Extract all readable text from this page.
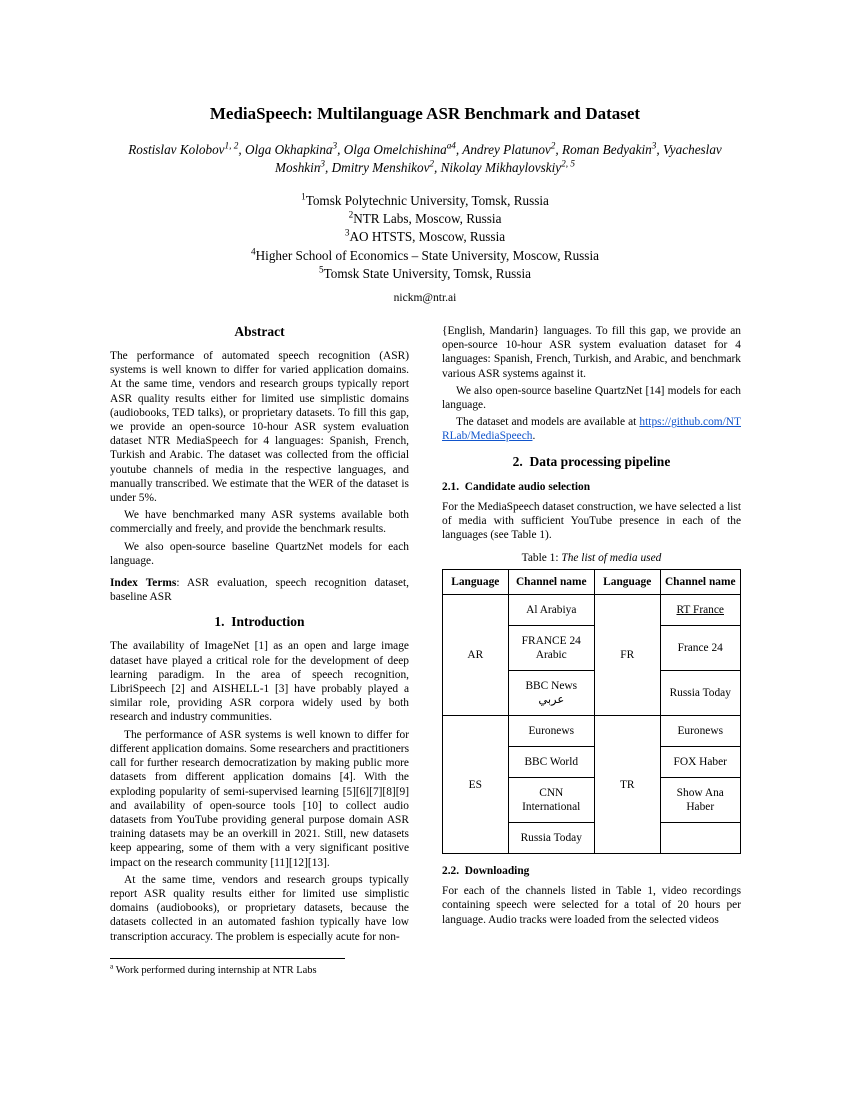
MediaSpeech: Multilanguage ASR Benchmark and Dataset

Rostislav Kolobov$^{1, 2}$, Olga Okhapkina$^3$, Olga Omelchishina$^{a4}$, Andrey Platunov$^2$, Roman Bedyakin$^3$, Vyacheslav Moshkin$^3$, Dmitry Menshikov$^2$, Nikolay Mikhaylovskiy$^{2, 5}$

$^1$Tomsk Polytechnic University, Tomsk, Russia
$^2$NTR Labs, Moscow, Russia
$^3$AO HTSTS, Moscow, Russia
$^4$Higher School of Economics – State University, Moscow, Russia
$^5$Tomsk State University, Tomsk, Russia

nickm@ntr.ai

Abstract

The performance of automated speech recognition (ASR) systems is well known to differ for varied application domains. At the same time, vendors and research groups typically report ASR quality results either for limited use simplistic domains (audiobooks, TED talks), or proprietary datasets. To fill this gap, we provide an open-source 10-hour ASR system evaluation dataset NTR MediaSpeech for 4 languages: Spanish, French, Turkish and Arabic. The dataset was collected from the official youtube channels of media in the respective languages, and manually transcribed. We estimate that the WER of the dataset is under 5%.

We have benchmarked many ASR systems available both commercially and freely, and provide the benchmark results.

We also open-source baseline QuartzNet models for each language.

Index Terms: ASR evaluation, speech recognition dataset, baseline ASR

1.  Introduction

The availability of ImageNet [1] as an open and large image dataset have played a critical role for the development of deep learning paradigm. In the area of speech recognition, LibriSpeech [2] and AISHELL-1 [3] have probably played a similar role, providing ASR corpora widely used by both research and industry communities.

The performance of ASR systems is well known to differ for different application domains. Some researchers and practitioners call for further research democratization by making public more datasets from different application domains [4]. With the exploding popularity of semi-supervised learning [5][6][7][8][9] and availability of open-source tools [10] to collect audio datasets from YouTube providing general purpose domain ASR training datasets may be an overkill in 2021. Still, new datasets keep appearing, some of them with a very significant positive impact on the research community [11][12][13].

At the same time, vendors and research groups typically report ASR quality results either for limited use simplistic domains (audiobooks), or proprietary datasets, because the datasets collected in an automated fashion typically have low transcription accuracy. The problem is especially acute for non-

$^a$ Work performed during internship at NTR Labs

{English, Mandarin} languages. To fill this gap, we provide an open-source 10-hour ASR system evaluation dataset for 4 languages: Spanish, French, Turkish, and Arabic, and benchmark various ASR systems against it.

We also open-source baseline QuartzNet [14] models for each language.

The dataset and models are available at https://github.com/NTRLab/MediaSpeech.

2.  Data processing pipeline
2.1.  Candidate audio selection

For the MediaSpeech dataset construction, we have selected a list of media with sufficient YouTube presence in each of the languages (see Table 1).

Table 1: The list of media used
Language	Channel name	Language	Channel name
AR	Al Arabiya	FR	RT France
	FRANCE 24 Arabic		France 24
	BBC News عربي		Russia Today
ES	Euronews	TR	Euronews
	BBC World		FOX Haber
	CNN International		Show Ana Haber
	Russia Today		
2.2.  Downloading

For each of the channels listed in Table 1, video recordings containing speech were selected for a total of 20 hours per language. Audio tracks were loaded from the selected videos
